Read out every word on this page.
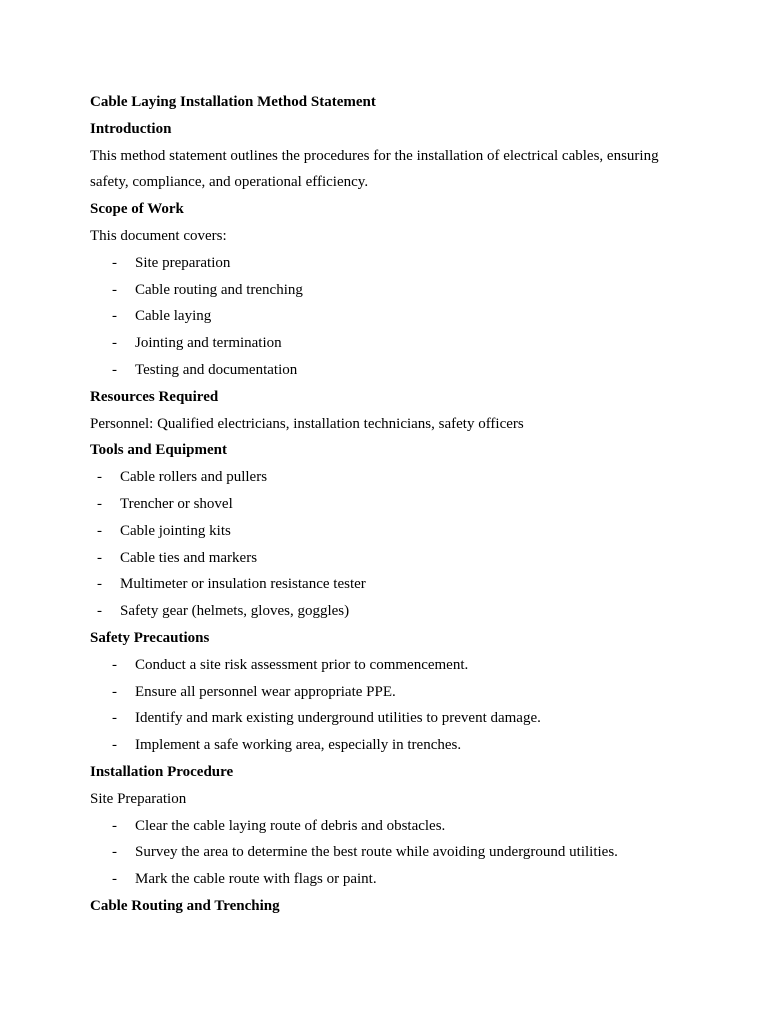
Cable Laying Installation Method Statement
Introduction
This method statement outlines the procedures for the installation of electrical cables, ensuring
safety, compliance, and operational efficiency.
Scope of Work
This document covers:
- Site preparation
- Cable routing and trenching
- Cable laying
- Jointing and termination
- Testing and documentation
Resources Required
Personnel: Qualified electricians, installation technicians, safety officers
Tools and Equipment
- Cable rollers and pullers
- Trencher or shovel
- Cable jointing kits
- Cable ties and markers
- Multimeter or insulation resistance tester
- Safety gear (helmets, gloves, goggles)
Safety Precautions
- Conduct a site risk assessment prior to commencement.
- Ensure all personnel wear appropriate PPE.
- Identify and mark existing underground utilities to prevent damage.
- Implement a safe working area, especially in trenches.
Installation Procedure
Site Preparation
- Clear the cable laying route of debris and obstacles.
- Survey the area to determine the best route while avoiding underground utilities.
- Mark the cable route with flags or paint.
Cable Routing and Trenching
